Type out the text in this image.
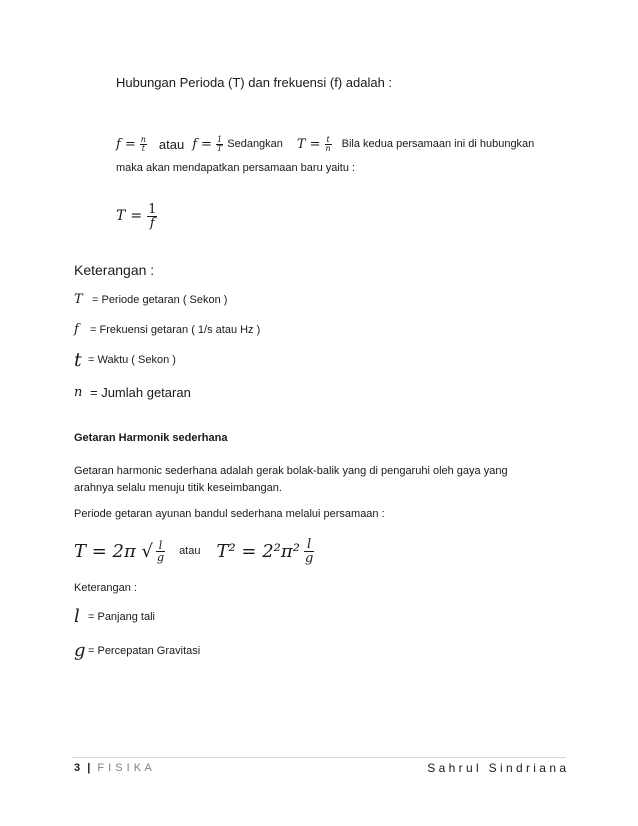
Hubungan Perioda (T) dan frekuensi (f) adalah :
$f = \frac{n}{t}$ atau $f = \frac{1}{T}$ Sedangkan $T = \frac{t}{n}$ Bila kedua persamaan ini di hubungkan
maka akan mendapatkan persamaan baru yaitu :
$T = \frac{1}{f}$
Keterangan :
T = Periode getaran ( Sekon )
f	= Frekuensi getaran ( 1/s atau Hz )
t = Waktu ( Sekon )
n = Jumlah getaran
Getaran Harmonik sederhana
Getaran harmonic sederhana adalah gerak bolak-balik yang di pengaruhi oleh gaya yang
arahnya selalu menuju titik keseimbangan.
Periode getaran ayunan bandul sederhana melalui persamaan :
T = 2π √ $\frac{l}{g}$ atau $T^2 = 2^2\pi^2 \frac{l}{g}$
Keterangan :
l = Panjang tali
g = Percepatan Gravitasi
3 | F I S I K A	S a h r u l   S i n d r i a n a
